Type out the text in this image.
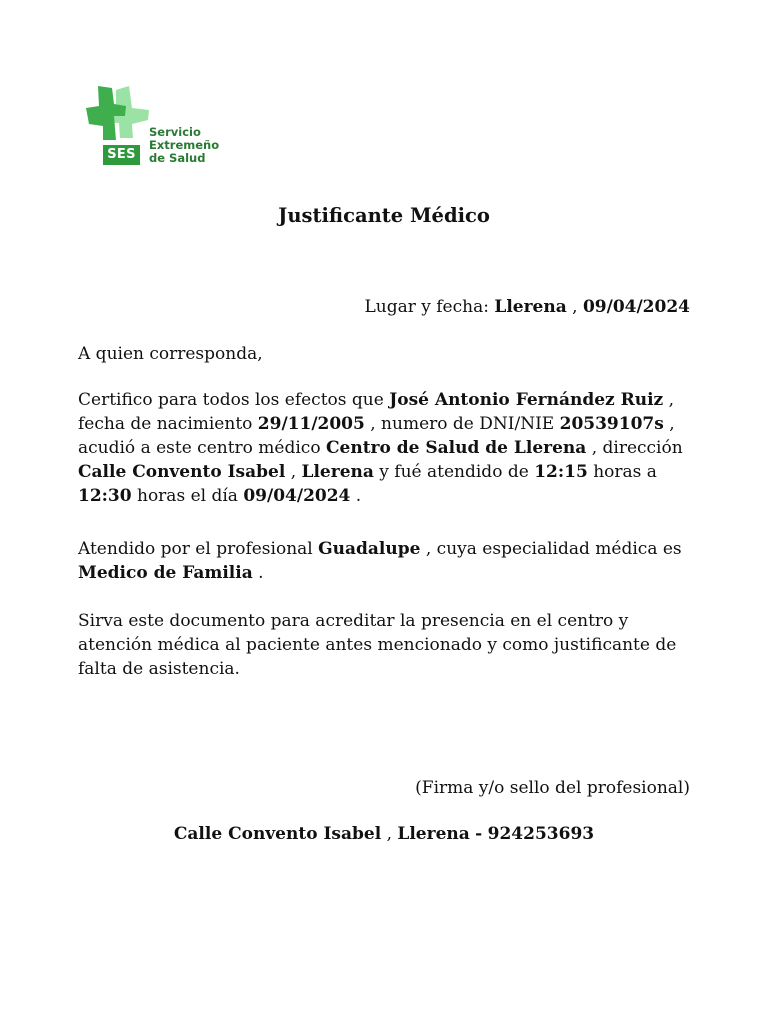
SES
Servicio
Extremeño
de Salud
Justificante Médico
Lugar y fecha: Llerena , 09/04/2024
A quien corresponda,
Certifico para todos los efectos que José Antonio Fernández Ruiz , fecha de nacimiento 29/11/2005 , numero de DNI/NIE 20539107s , acudió a este centro médico Centro de Salud de Llerena , dirección Calle Convento Isabel , Llerena y fué atendido de 12:15 horas a 12:30 horas el día 09/04/2024 .
Atendido por el profesional Guadalupe , cuya especialidad médica es Medico de Familia .
Sirva este documento para acreditar la presencia en el centro y atención médica al paciente antes mencionado y como justificante de falta de asistencia.
(Firma y/o sello del profesional)
Calle Convento Isabel , Llerena - 924253693
